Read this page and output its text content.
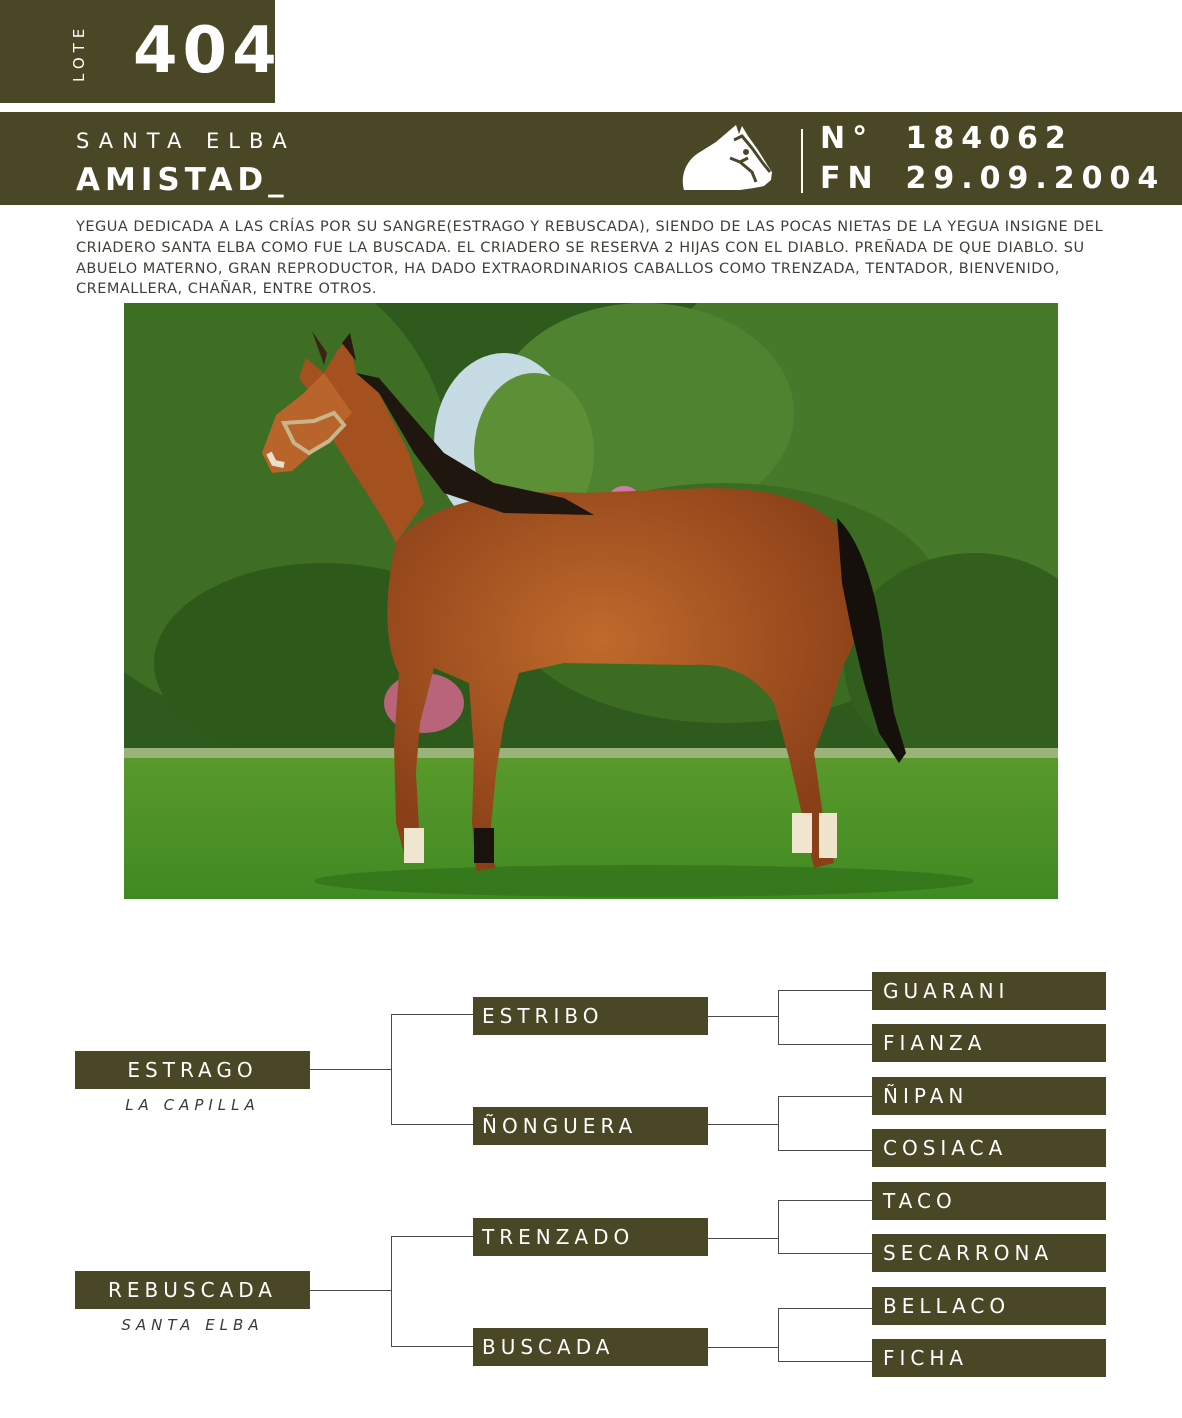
LOTE 404
SANTA ELBA
AMISTAD_
N° 184062
FN 29.09.2004
YEGUA DEDICADA A LAS CRÍAS POR SU SANGRE(ESTRAGO Y REBUSCADA), SIENDO DE LAS POCAS NIETAS DE LA YEGUA INSIGNE DEL CRIADERO SANTA ELBA COMO FUE LA BUSCADA. EL CRIADERO SE RESERVA 2 HIJAS CON EL DIABLO. PREÑADA DE QUE DIABLO. SU ABUELO MATERNO, GRAN REPRODUCTOR, HA DADO EXTRAORDINARIOS CABALLOS COMO TRENZADA, TENTADOR, BIENVENIDO, CREMALLERA, CHAÑAR, ENTRE OTROS.
ESTRAGO
LA CAPILLA
REBUSCADA
SANTA ELBA
ESTRIBO
ÑONGUERA
TRENZADO
BUSCADA
GUARANI
FIANZA
ÑIPAN
COSIACA
TACO
SECARRONA
BELLACO
FICHA
